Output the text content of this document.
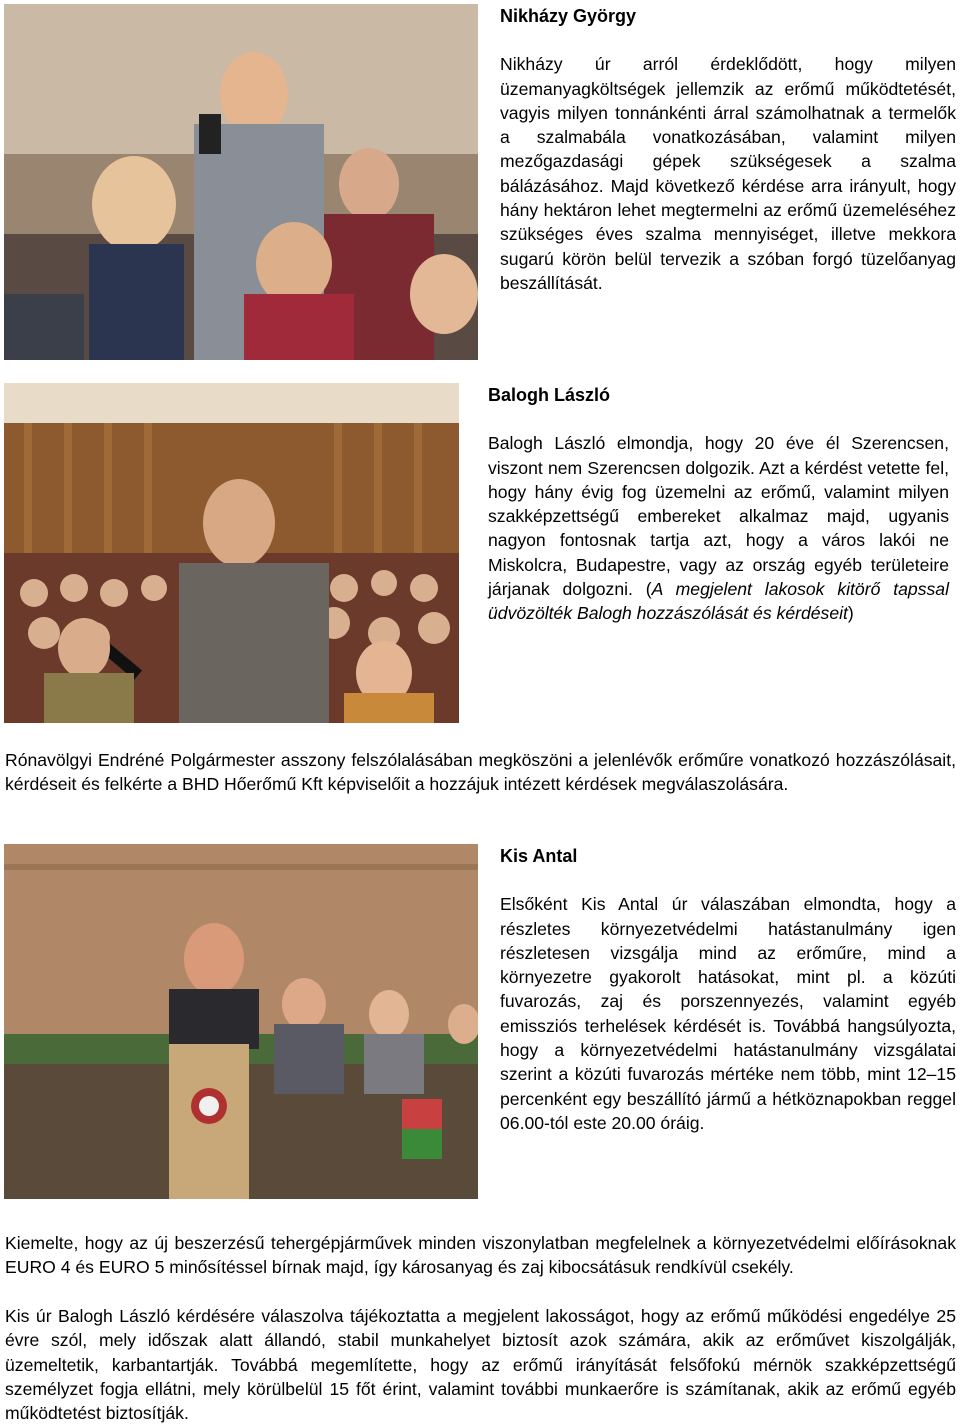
Nikházy György

Nikházy úr arról érdeklődött, hogy milyen üzemanyagköltségek jellemzik az erőmű működtetését, vagyis milyen tonnánkénti árral számolhatnak a termelők a szalmabála vonatkozásában, valamint milyen mezőgazdasági gépek szükségesek a szalma bálázásához. Majd következő kérdése arra irányult, hogy hány hektáron lehet megtermelni az erőmű üzemeléséhez szükséges éves szalma mennyiséget, illetve mekkora sugarú körön belül tervezik a szóban forgó tüzelőanyag beszállítását.

Balogh László

Balogh László elmondja, hogy 20 éve él Szerencsen, viszont nem Szerencsen dolgozik. Azt a kérdést vetette fel, hogy hány évig fog üzemelni az erőmű, valamint milyen szakképzettségű embereket alkalmaz majd, ugyanis nagyon fontosnak tartja azt, hogy a város lakói ne Miskolcra, Budapestre, vagy az ország egyéb területeire járjanak dolgozni. (A megjelent lakosok kitörő tapssal üdvözölték Balogh hozzászólását és kérdéseit)

Rónavölgyi Endréné Polgármester asszony felszólalásában megköszöni a jelenlévők erőműre vonatkozó hozzászólásait, kérdéseit és felkérte a BHD Hőerőmű Kft képviselőit a hozzájuk intézett kérdések megválaszolására.

Kis Antal

Elsőként Kis Antal úr válaszában elmondta, hogy a részletes környezetvédelmi hatástanulmány igen részletesen vizsgálja mind az erőműre, mind a környezetre gyakorolt hatásokat, mint pl. a közúti fuvarozás, zaj és porszennyezés, valamint egyéb emissziós terhelések kérdését is. Továbbá hangsúlyozta, hogy a környezetvédelmi hatástanulmány vizsgálatai szerint a közúti fuvarozás mértéke nem több, mint 12–15 percenként egy beszállító jármű a hétköznapokban reggel 06.00-tól este 20.00 óráig.

Kiemelte, hogy az új beszerzésű tehergépjárművek minden viszonylatban megfelelnek a környezetvédelmi előírásoknak EURO 4 és EURO 5 minősítéssel bírnak majd, így károsanyag és zaj kibocsátásuk rendkívül csekély.

Kis úr Balogh László kérdésére válaszolva tájékoztatta a megjelent lakosságot, hogy az erőmű működési engedélye 25 évre szól, mely időszak alatt állandó, stabil munkahelyet biztosít azok számára, akik az erőművet kiszolgálják, üzemeltetik, karbantartják. Továbbá megemlítette, hogy az erőmű irányítását felsőfokú mérnök szakképzettségű személyzet fogja ellátni, mely körülbelül 15 főt érint, valamint további munkaerőre is számítanak, akik az erőmű egyéb működtetést biztosítják.
